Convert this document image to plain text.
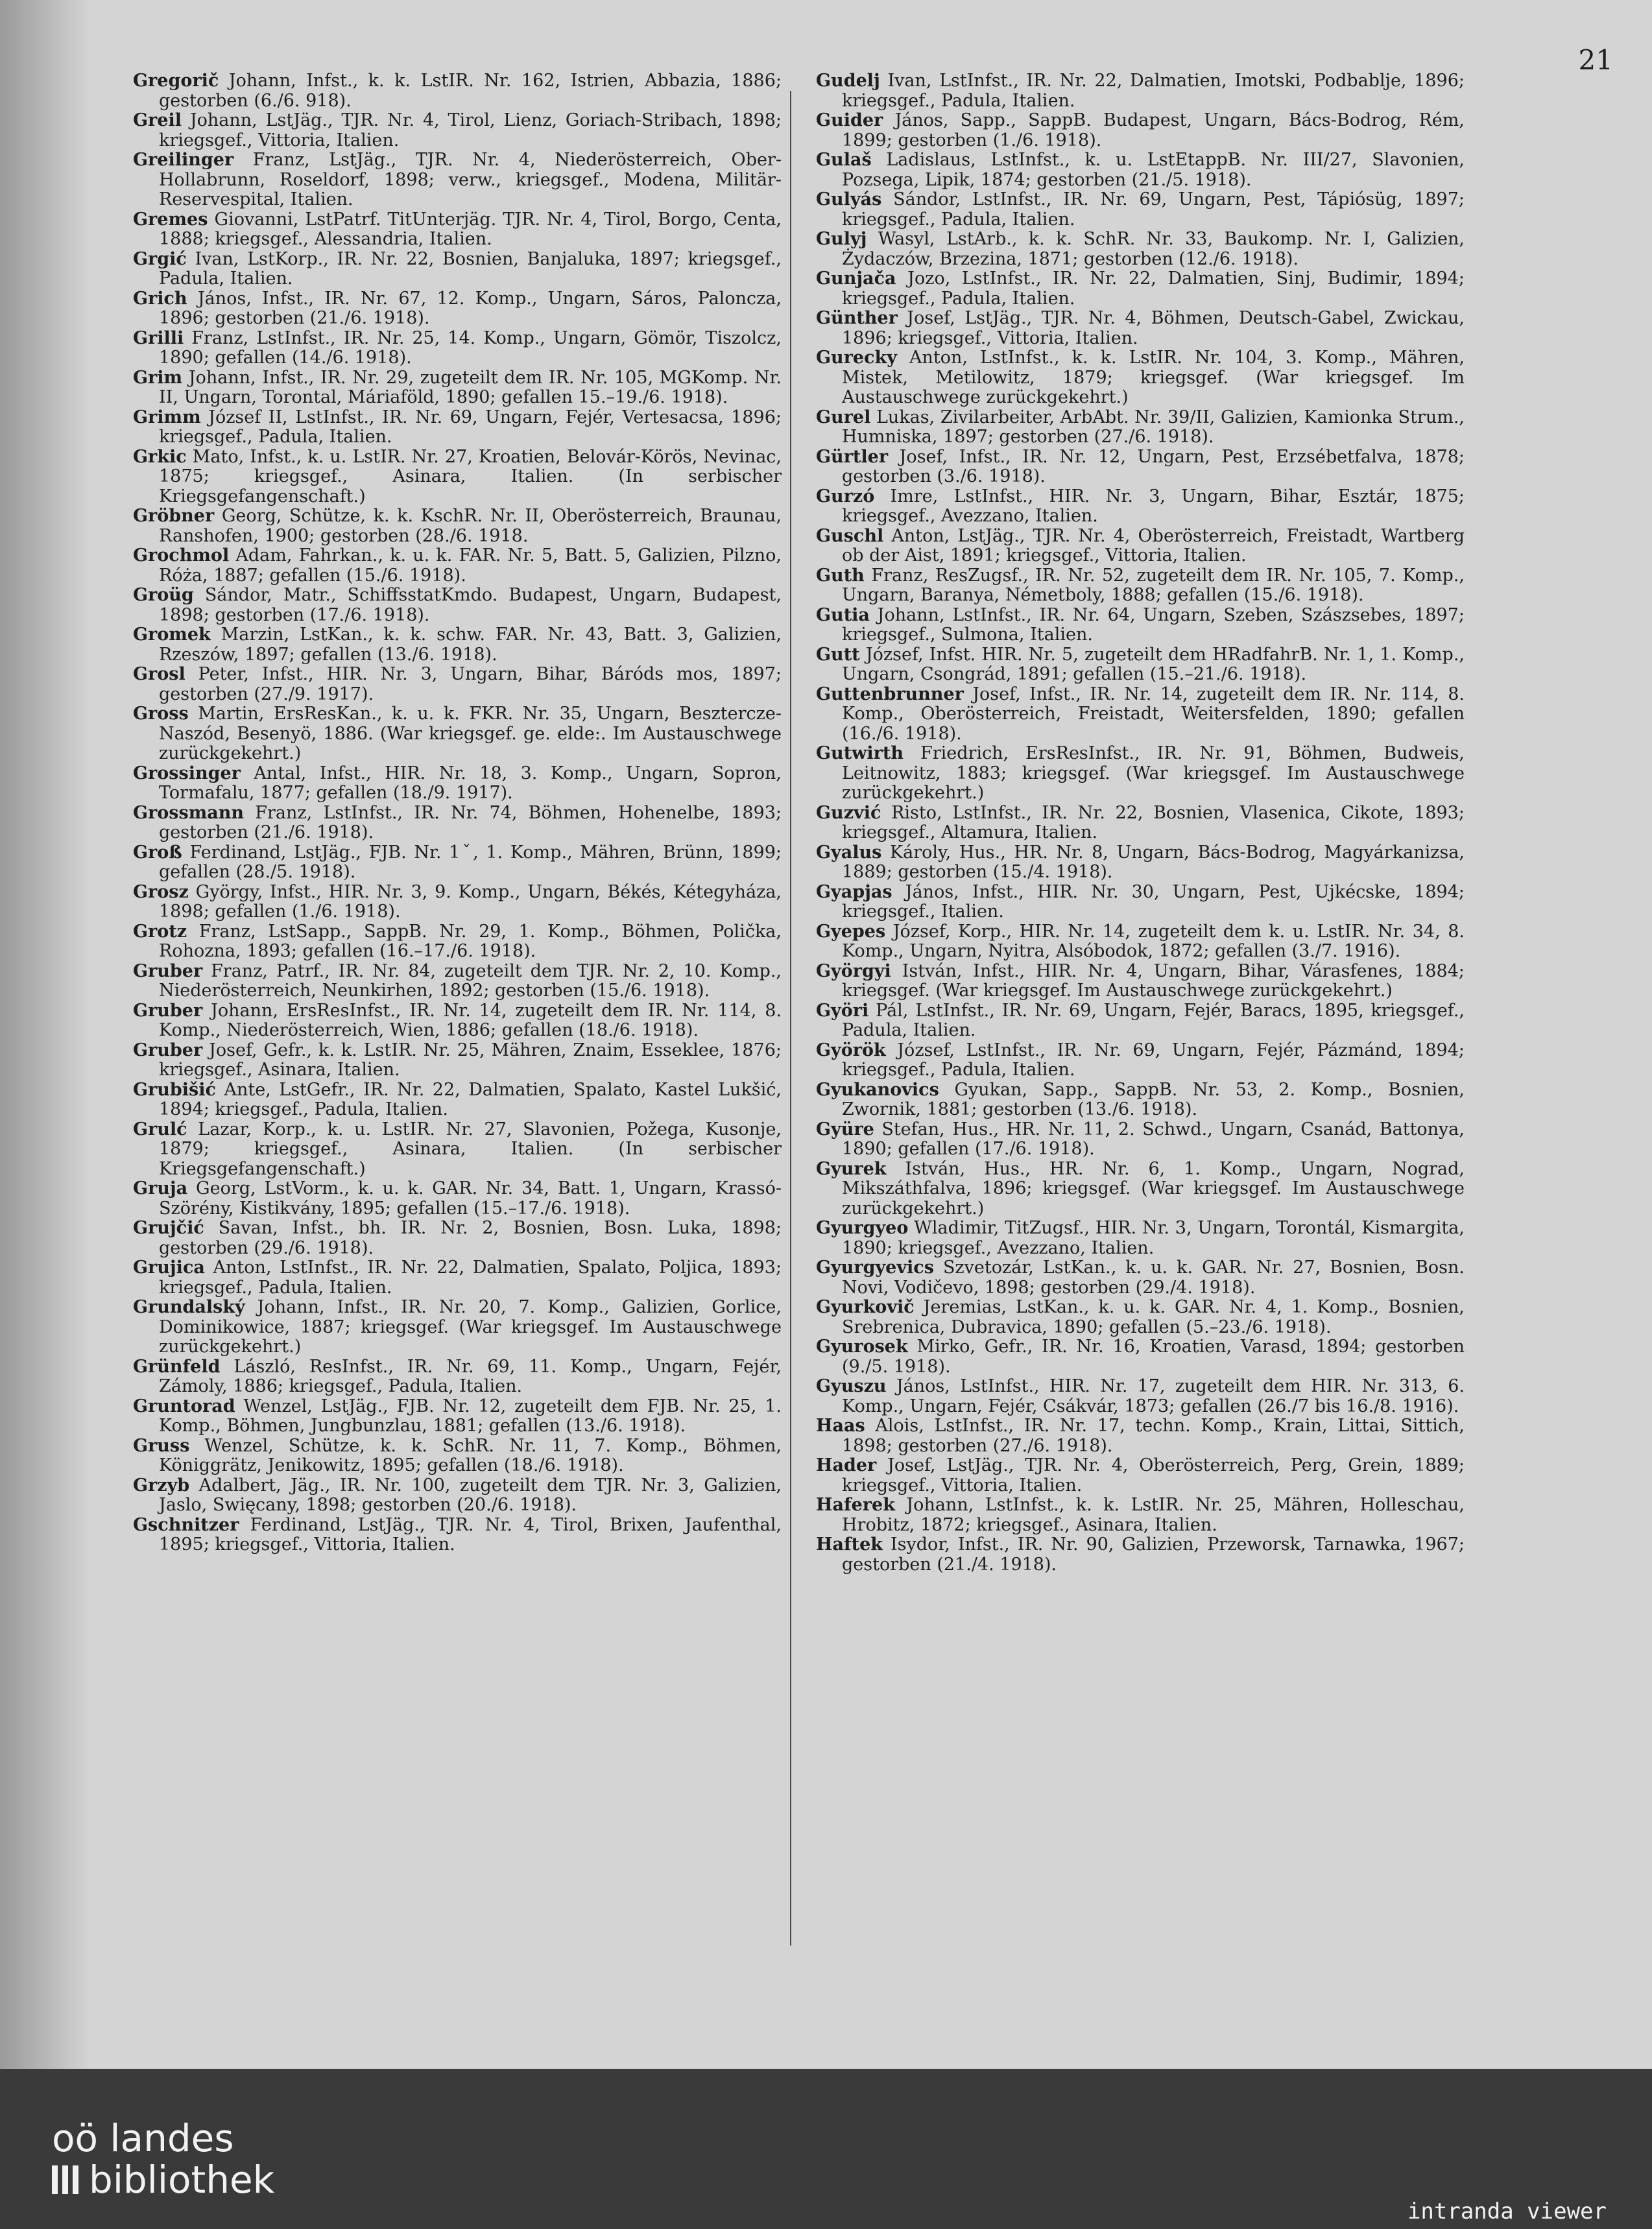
21
Gregorič Johann, Infst., k. k. LstIR. Nr. 162, Istrien, Abbazia, 1886; gestorben (6./6. 918).
Greil Johann, LstJäg., TJR. Nr. 4, Tirol, Lienz, Goriach-Stribach, 1898; kriegsgef., Vittoria, Italien.
Greilinger Franz, LstJäg., TJR. Nr. 4, Niederösterreich, Ober-Hollabrunn, Roseldorf, 1898; verw., kriegsgef., Modena, Militär-Reservespital, Italien.
Gremes Giovanni, LstPatrf. TitUnterjäg. TJR. Nr. 4, Tirol, Borgo, Centa, 1888; kriegsgef., Alessandria, Italien.
Grgić Ivan, LstKorp., IR. Nr. 22, Bosnien, Banjaluka, 1897; kriegsgef., Padula, Italien.
Grich János, Infst., IR. Nr. 67, 12. Komp., Ungarn, Sáros, Paloncza, 1896; gestorben (21./6. 1918).
Grilli Franz, LstInfst., IR. Nr. 25, 14. Komp., Ungarn, Gömör, Tiszolcz, 1890; gefallen (14./6. 1918).
Grim Johann, Infst., IR. Nr. 29, zugeteilt dem IR. Nr. 105, MGKomp. Nr. II, Ungarn, Torontal, Máriaföld, 1890; gefallen 15.–19./6. 1918).
Grimm József II, LstInfst., IR. Nr. 69, Ungarn, Fejér, Vertesacsa, 1896; kriegsgef., Padula, Italien.
Grkic Mato, Infst., k. u. LstIR. Nr. 27, Kroatien, Belovár-Körös, Nevinac, 1875; kriegsgef., Asinara, Italien. (In serbischer Kriegsgefangenschaft.)
Gröbner Georg, Schütze, k. k. KschR. Nr. II, Oberösterreich, Braunau, Ranshofen, 1900; gestorben (28./6. 1918.
Grochmol Adam, Fahrkan., k. u. k. FAR. Nr. 5, Batt. 5, Galizien, Pilzno, Róża, 1887; gefallen (15./6. 1918).
Groüg Sándor, Matr., SchiffsstatKmdo. Budapest, Ungarn, Budapest, 1898; gestorben (17./6. 1918).
Gromek Marzin, LstKan., k. k. schw. FAR. Nr. 43, Batt. 3, Galizien, Rzeszów, 1897; gefallen (13./6. 1918).
Grosl Peter, Infst., HIR. Nr. 3, Ungarn, Bihar, Báróds mos, 1897; gestorben (27./9. 1917).
Gross Martin, ErsResKan., k. u. k. FKR. Nr. 35, Ungarn, Besztercze-Naszód, Besenyö, 1886. (War kriegsgef. ge. elde:. Im Austauschwege zurückgekehrt.)
Grossinger Antal, Infst., HIR. Nr. 18, 3. Komp., Ungarn, Sopron, Tormafalu, 1877; gefallen (18./9. 1917).
Grossmann Franz, LstInfst., IR. Nr. 74, Böhmen, Hohenelbe, 1893; gestorben (21./6. 1918).
Groß Ferdinand, LstJäg., FJB. Nr. 1ˇ, 1. Komp., Mähren, Brünn, 1899; gefallen (28./5. 1918).
Grosz György, Infst., HIR. Nr. 3, 9. Komp., Ungarn, Békés, Kétegyháza, 1898; gefallen (1./6. 1918).
Grotz Franz, LstSapp., SappB. Nr. 29, 1. Komp., Böhmen, Polička, Rohozna, 1893; gefallen (16.–17./6. 1918).
Gruber Franz, Patrf., IR. Nr. 84, zugeteilt dem TJR. Nr. 2, 10. Komp., Niederösterreich, Neunkirhen, 1892; gestorben (15./6. 1918).
Gruber Johann, ErsResInfst., IR. Nr. 14, zugeteilt dem IR. Nr. 114, 8. Komp., Niederösterreich, Wien, 1886; gefallen (18./6. 1918).
Gruber Josef, Gefr., k. k. LstIR. Nr. 25, Mähren, Znaim, Esseklee, 1876; kriegsgef., Asinara, Italien.
Grubišić Ante, LstGefr., IR. Nr. 22, Dalmatien, Spalato, Kastel Lukšić, 1894; kriegsgef., Padula, Italien.
Grulć Lazar, Korp., k. u. LstIR. Nr. 27, Slavonien, Požega, Kusonje, 1879; kriegsgef., Asinara, Italien. (In serbischer Kriegsgefangenschaft.)
Gruja Georg, LstVorm., k. u. k. GAR. Nr. 34, Batt. 1, Ungarn, Krassó-Szörény, Kistikvány, 1895; gefallen (15.–17./6. 1918).
Grujčić Savan, Infst., bh. IR. Nr. 2, Bosnien, Bosn. Luka, 1898; gestorben (29./6. 1918).
Grujica Anton, LstInfst., IR. Nr. 22, Dalmatien, Spalato, Poljica, 1893; kriegsgef., Padula, Italien.
Grundalský Johann, Infst., IR. Nr. 20, 7. Komp., Galizien, Gorlice, Dominikowice, 1887; kriegsgef. (War kriegsgef. Im Austauschwege zurückgekehrt.)
Grünfeld László, ResInfst., IR. Nr. 69, 11. Komp., Ungarn, Fejér, Zámoly, 1886; kriegsgef., Padula, Italien.
Gruntorad Wenzel, LstJäg., FJB. Nr. 12, zugeteilt dem FJB. Nr. 25, 1. Komp., Böhmen, Jungbunzlau, 1881; gefallen (13./6. 1918).
Gruss Wenzel, Schütze, k. k. SchR. Nr. 11, 7. Komp., Böhmen, Königgrätz, Jenikowitz, 1895; gefallen (18./6. 1918).
Grzyb Adalbert, Jäg., IR. Nr. 100, zugeteilt dem TJR. Nr. 3, Galizien, Jaslo, Swięcany, 1898; gestorben (20./6. 1918).
Gschnitzer Ferdinand, LstJäg., TJR. Nr. 4, Tirol, Brixen, Jaufenthal, 1895; kriegsgef., Vittoria, Italien.
Gudelj Ivan, LstInfst., IR. Nr. 22, Dalmatien, Imotski, Podbablje, 1896; kriegsgef., Padula, Italien.
Guider János, Sapp., SappB. Budapest, Ungarn, Bács-Bodrog, Rém, 1899; gestorben (1./6. 1918).
Gulaš Ladislaus, LstInfst., k. u. LstEtappB. Nr. III/27, Slavonien, Pozsega, Lipik, 1874; gestorben (21./5. 1918).
Gulyás Sándor, LstInfst., IR. Nr. 69, Ungarn, Pest, Tápiósüg, 1897; kriegsgef., Padula, Italien.
Gulyj Wasyl, LstArb., k. k. SchR. Nr. 33, Baukomp. Nr. I, Galizien, Żydaczów, Brzezina, 1871; gestorben (12./6. 1918).
Gunjača Jozo, LstInfst., IR. Nr. 22, Dalmatien, Sinj, Budimir, 1894; kriegsgef., Padula, Italien.
Günther Josef, LstJäg., TJR. Nr. 4, Böhmen, Deutsch-Gabel, Zwickau, 1896; kriegsgef., Vittoria, Italien.
Gurecky Anton, LstInfst., k. k. LstIR. Nr. 104, 3. Komp., Mähren, Mistek, Metilowitz, 1879; kriegsgef. (War kriegsgef. Im Austauschwege zurückgekehrt.)
Gurel Lukas, Zivilarbeiter, ArbAbt. Nr. 39/II, Galizien, Kamionka Strum., Humniska, 1897; gestorben (27./6. 1918).
Gürtler Josef, Infst., IR. Nr. 12, Ungarn, Pest, Erzsébetfalva, 1878; gestorben (3./6. 1918).
Gurzó Imre, LstInfst., HIR. Nr. 3, Ungarn, Bihar, Esztár, 1875; kriegsgef., Avezzano, Italien.
Guschl Anton, LstJäg., TJR. Nr. 4, Oberösterreich, Freistadt, Wartberg ob der Aist, 1891; kriegsgef., Vittoria, Italien.
Guth Franz, ResZugsf., IR. Nr. 52, zugeteilt dem IR. Nr. 105, 7. Komp., Ungarn, Baranya, Németboly, 1888; gefallen (15./6. 1918).
Gutia Johann, LstInfst., IR. Nr. 64, Ungarn, Szeben, Szászsebes, 1897; kriegsgef., Sulmona, Italien.
Gutt József, Infst. HIR. Nr. 5, zugeteilt dem HRadfahrB. Nr. 1, 1. Komp., Ungarn, Csongrád, 1891; gefallen (15.–21./6. 1918).
Guttenbrunner Josef, Infst., IR. Nr. 14, zugeteilt dem IR. Nr. 114, 8. Komp., Oberösterreich, Freistadt, Weitersfelden, 1890; gefallen (16./6. 1918).
Gutwirth Friedrich, ErsResInfst., IR. Nr. 91, Böhmen, Budweis, Leitnowitz, 1883; kriegsgef. (War kriegsgef. Im Austauschwege zurückgekehrt.)
Guzvić Risto, LstInfst., IR. Nr. 22, Bosnien, Vlasenica, Cikote, 1893; kriegsgef., Altamura, Italien.
Gyalus Károly, Hus., HR. Nr. 8, Ungarn, Bács-Bodrog, Magyárkanizsa, 1889; gestorben (15./4. 1918).
Gyapjas János, Infst., HIR. Nr. 30, Ungarn, Pest, Ujkécske, 1894; kriegsgef., Italien.
Gyepes József, Korp., HIR. Nr. 14, zugeteilt dem k. u. LstIR. Nr. 34, 8. Komp., Ungarn, Nyitra, Alsóbodok, 1872; gefallen (3./7. 1916).
Györgyi István, Infst., HIR. Nr. 4, Ungarn, Bihar, Várasfenes, 1884; kriegsgef. (War kriegsgef. Im Austauschwege zurückgekehrt.)
Györi Pál, LstInfst., IR. Nr. 69, Ungarn, Fejér, Baracs, 1895, kriegsgef., Padula, Italien.
Györök József, LstInfst., IR. Nr. 69, Ungarn, Fejér, Pázmánd, 1894; kriegsgef., Padula, Italien.
Gyukanovics Gyukan, Sapp., SappB. Nr. 53, 2. Komp., Bosnien, Zwornik, 1881; gestorben (13./6. 1918).
Gyüre Stefan, Hus., HR. Nr. 11, 2. Schwd., Ungarn, Csanád, Battonya, 1890; gefallen (17./6. 1918).
Gyurek István, Hus., HR. Nr. 6, 1. Komp., Ungarn, Nograd, Mikszáthfalva, 1896; kriegsgef. (War kriegsgef. Im Austauschwege zurückgekehrt.)
Gyurgyeo Wladimir, TitZugsf., HIR. Nr. 3, Ungarn, Torontál, Kismargita, 1890; kriegsgef., Avezzano, Italien.
Gyurgyevics Szvetozár, LstKan., k. u. k. GAR. Nr. 27, Bosnien, Bosn. Novi, Vodičevo, 1898; gestorben (29./4. 1918).
Gyurkovič Jeremias, LstKan., k. u. k. GAR. Nr. 4, 1. Komp., Bosnien, Srebrenica, Dubravica, 1890; gefallen (5.–23./6. 1918).
Gyurosek Mirko, Gefr., IR. Nr. 16, Kroatien, Varasd, 1894; gestorben (9./5. 1918).
Gyuszu János, LstInfst., HIR. Nr. 17, zugeteilt dem HIR. Nr. 313, 6. Komp., Ungarn, Fejér, Csákvár, 1873; gefallen (26./7 bis 16./8. 1916).
Haas Alois, LstInfst., IR. Nr. 17, techn. Komp., Krain, Littai, Sittich, 1898; gestorben (27./6. 1918).
Hader Josef, LstJäg., TJR. Nr. 4, Oberösterreich, Perg, Grein, 1889; kriegsgef., Vittoria, Italien.
Haferek Johann, LstInfst., k. k. LstIR. Nr. 25, Mähren, Holleschau, Hrobitz, 1872; kriegsgef., Asinara, Italien.
Haftek Isydor, Infst., IR. Nr. 90, Galizien, Przeworsk, Tarnawka, 1967; gestorben (21./4. 1918).
oö landes
bibliothek
intranda viewer
